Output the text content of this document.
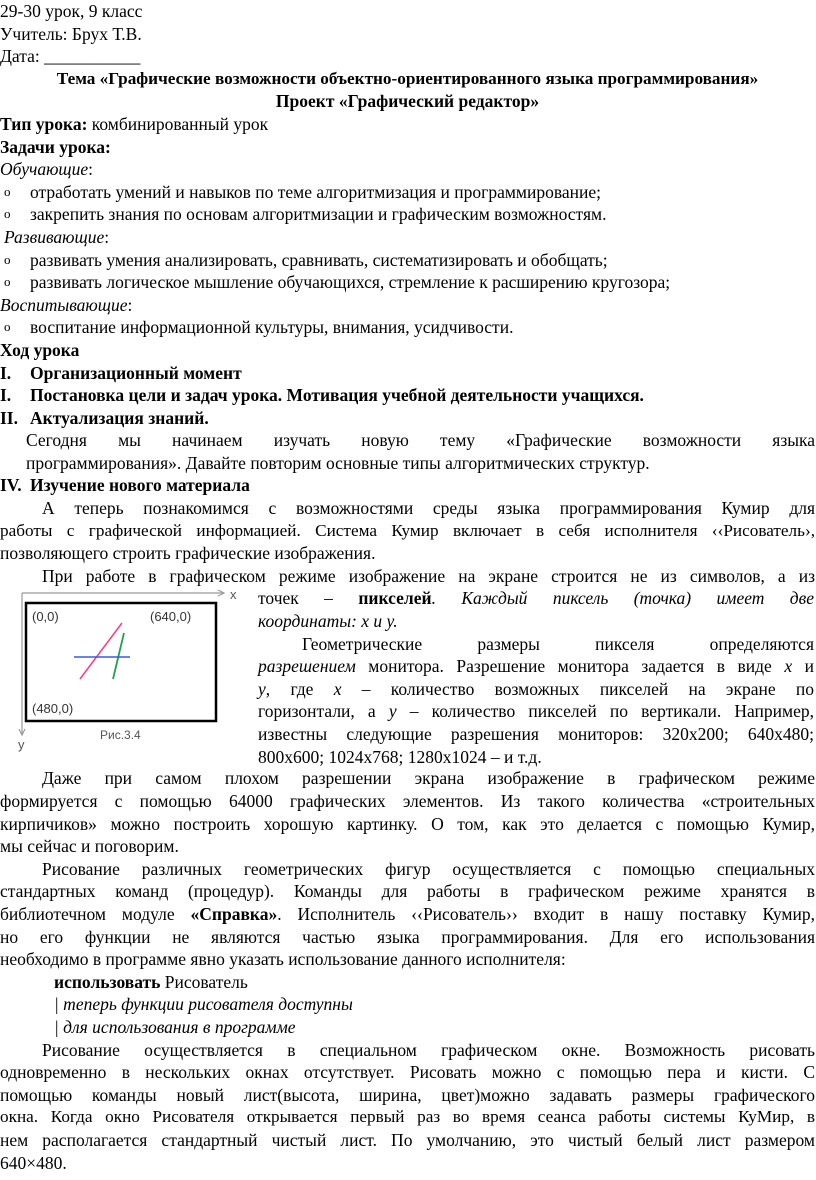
29-30 урок, 9 класс
Учитель: Брух Т.В.
Дата: ___________
Тема «Графические возможности объектно-ориентированного языка программирования»
Проект «Графический редактор»
Тип урока: комбинированный урок
Задачи урока:
Обучающие:
o отработать умений и навыков по теме алгоритмизация и программирование;
o закрепить знания по основам алгоритмизации и графическим возможностям.
Развивающие:
o развивать умения анализировать, сравнивать, систематизировать и обобщать;
o развивать логическое мышление обучающихся, стремление к расширению кругозора;
Воспитывающие:
o воспитание информационной культуры, внимания, усидчивости.
Ход урока
I. Организационный момент
I. Постановка цели и задач урока. Мотивация учебной деятельности учащихся.
II. Актуализация знаний.
Сегодня мы начинаем изучать новую тему «Графические возможности языка
программирования». Давайте повторим основные типы алгоритмических структур.
IV. Изучение нового материала
А теперь познакомимся с возможностями среды языка программирования Кумир для
работы с графической информацией. Система Кумир включает в себя исполнителя ‹‹Рисователь›,
позволяющего строить графические изображения.
При работе в графическом режиме изображение на экране строится не из символов, а из
(0,0)	(640,0)
(480,0)
х
у
Рис.3.4
точек – пикселей. Каждый пиксель (точка) имеет две
координаты: х и у.
Геометрические размеры пикселя определяются
разрешением монитора. Разрешение монитора задается в виде х и
у, где х – количество возможных пикселей на экране по
горизонтали, а у – количество пикселей по вертикали. Например,
известны следующие разрешения мониторов: 320х200; 640х480;
800х600; 1024х768; 1280х1024 – и т.д.
Даже при самом плохом разрешении экрана изображение в графическом режиме
формируется с помощью 64000 графических элементов. Из такого количества «строительных
кирпичиков» можно построить хорошую картинку. О том, как это делается с помощью Кумир,
мы сейчас и поговорим.
Рисование различных геометрических фигур осуществляется с помощью специальных
стандартных команд (процедур). Команды для работы в графическом режиме хранятся в
библиотечном модуле «Справка». Исполнитель ‹‹Рисователь›› входит в нашу поставку Кумир,
но его функции не являются частью языка программирования. Для его использования
необходимо в программе явно указать использование данного исполнителя:
использовать Рисователь
| теперь функции рисователя доступны
| для использования в программе
Рисование осуществляется в специальном графическом окне. Возможность рисовать
одновременно в нескольких окнах отсутствует. Рисовать можно с помощью пера и кисти. С
помощью команды новый лист(высота, ширина, цвет)можно задавать размеры графического
окна. Когда окно Рисователя открывается первый раз во время сеанса работы системы КуМир, в
нем располагается стандартный чистый лист. По умолчанию, это чистый белый лист размером
640×480.
